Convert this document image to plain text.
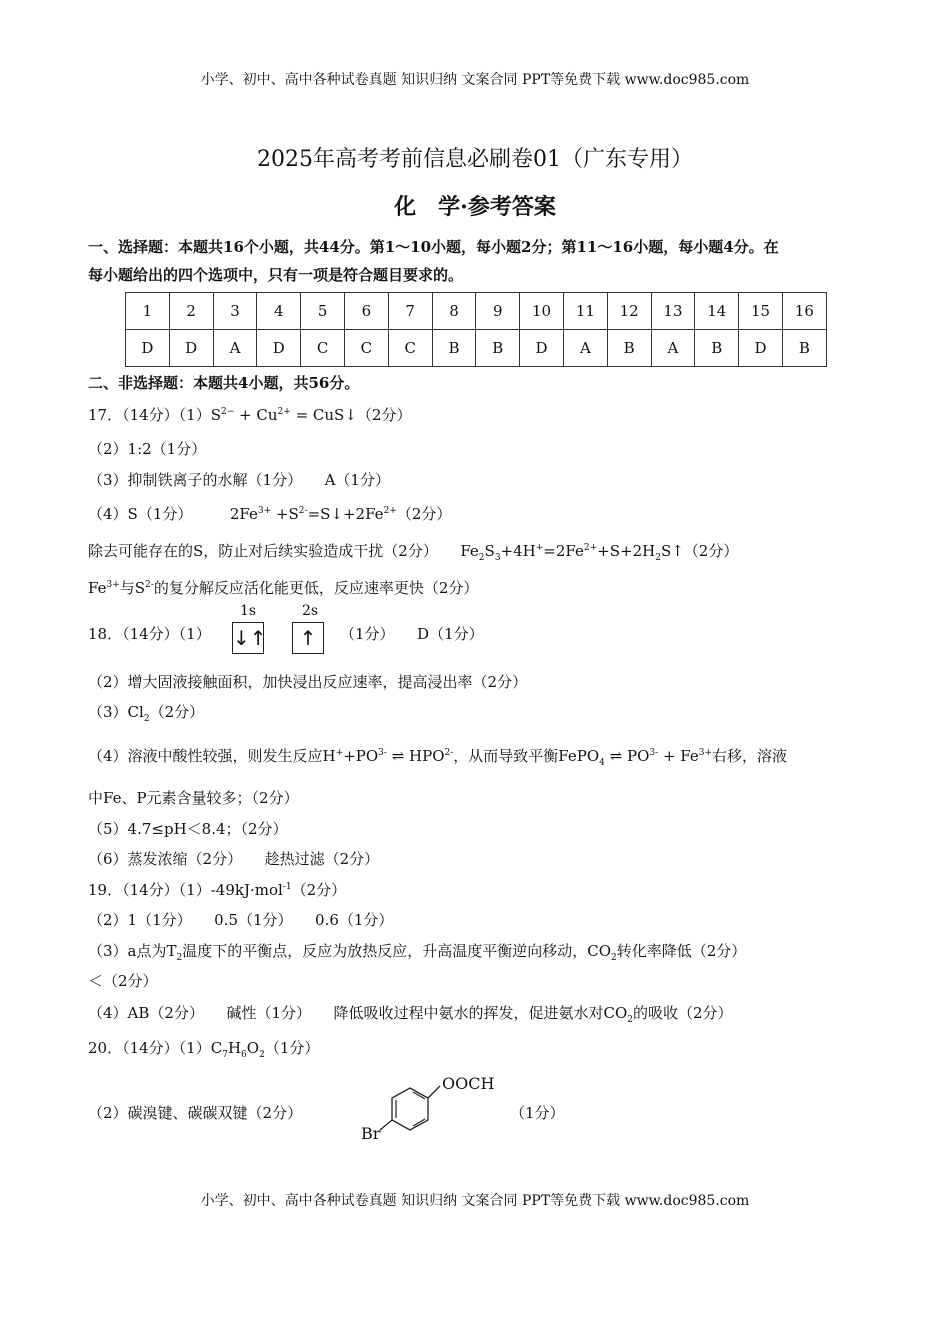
小学、初中、高中各种试卷真题 知识归纳 文案合同 PPT等免费下载 www.doc985.com
2025年高考考前信息必刷卷01（广东专用）
化　学·参考答案
一、选择题：本题共16个小题，共44分。第1～10小题，每小题2分；第11～16小题，每小题4分。在
每小题给出的四个选项中，只有一项是符合题目要求的。
1	2	3	4	5	6	7	8	9	10	11	12	13	14	15	16
D	D	A	D	C	C	C	B	B	D	A	B	A	B	D	B
二、非选择题：本题共4小题，共56分。
17．（14分）$(1)S^{2-} + Cu^{2+}$ = CuS↓（2分）
（2）1:2（1分）
（3）抑制铁离子的水解（1分）　　A（1分）
（4）S（1分）　　　$2Fe^{3+}$ $+S^{2-}=S↓+2Fe^{2+}(2$分）
除去可能存在的S，防止对后续实验造成干扰（2分）　　$Fe_2S_3+4H^+=2Fe^{2+}+S+2H_2S↑(2$分）
$Fe^{3+}$与$S^{2-}$的复分解反应活化能更低，反应速率更快（2分）
18．（14分）（1）	（1分）　　D（1分）
（2）增大固液接触面积，加快浸出反应速率，提高浸出率（2分）
$(3)Cl_2(2$分）
（4）溶液中酸性较强，则发生反应$H^++PO^{3-}$ ⇌ $HPO^{2-}$，从而导致平衡FePO$_4$ ⇌ $PO^{3-} + Fe^{3+}$右移，溶液
中Fe、P元素含量较多；（2分）
（5）4.7≤pH＜8.4；（2分）
（6）蒸发浓缩（2分）　　趁热过滤（2分）
19．（14分）（1）-49kJ·mol$^{-1}$（2分）
（2）1（1分）　　0.5（1分）　　0.6（1分）
（3）a点为$T_2$温度下的平衡点，反应为放热反应，升高温度平衡逆向移动，$CO_2$转化率降低（2分）
＜（2分）
（4）AB（2分）　　碱性（1分）　　降低吸收过程中氨水的挥发，促进氨水对$CO_2$的吸收（2分）
20．（14分）$(1)C_7H_6O_2(1$分）
（2）碳溴键、碳碳双键（2分）	（1分）
1s	2s
↓↑	↑
OOCH
Br
小学、初中、高中各种试卷真题 知识归纳 文案合同 PPT等免费下载 www.doc985.com
